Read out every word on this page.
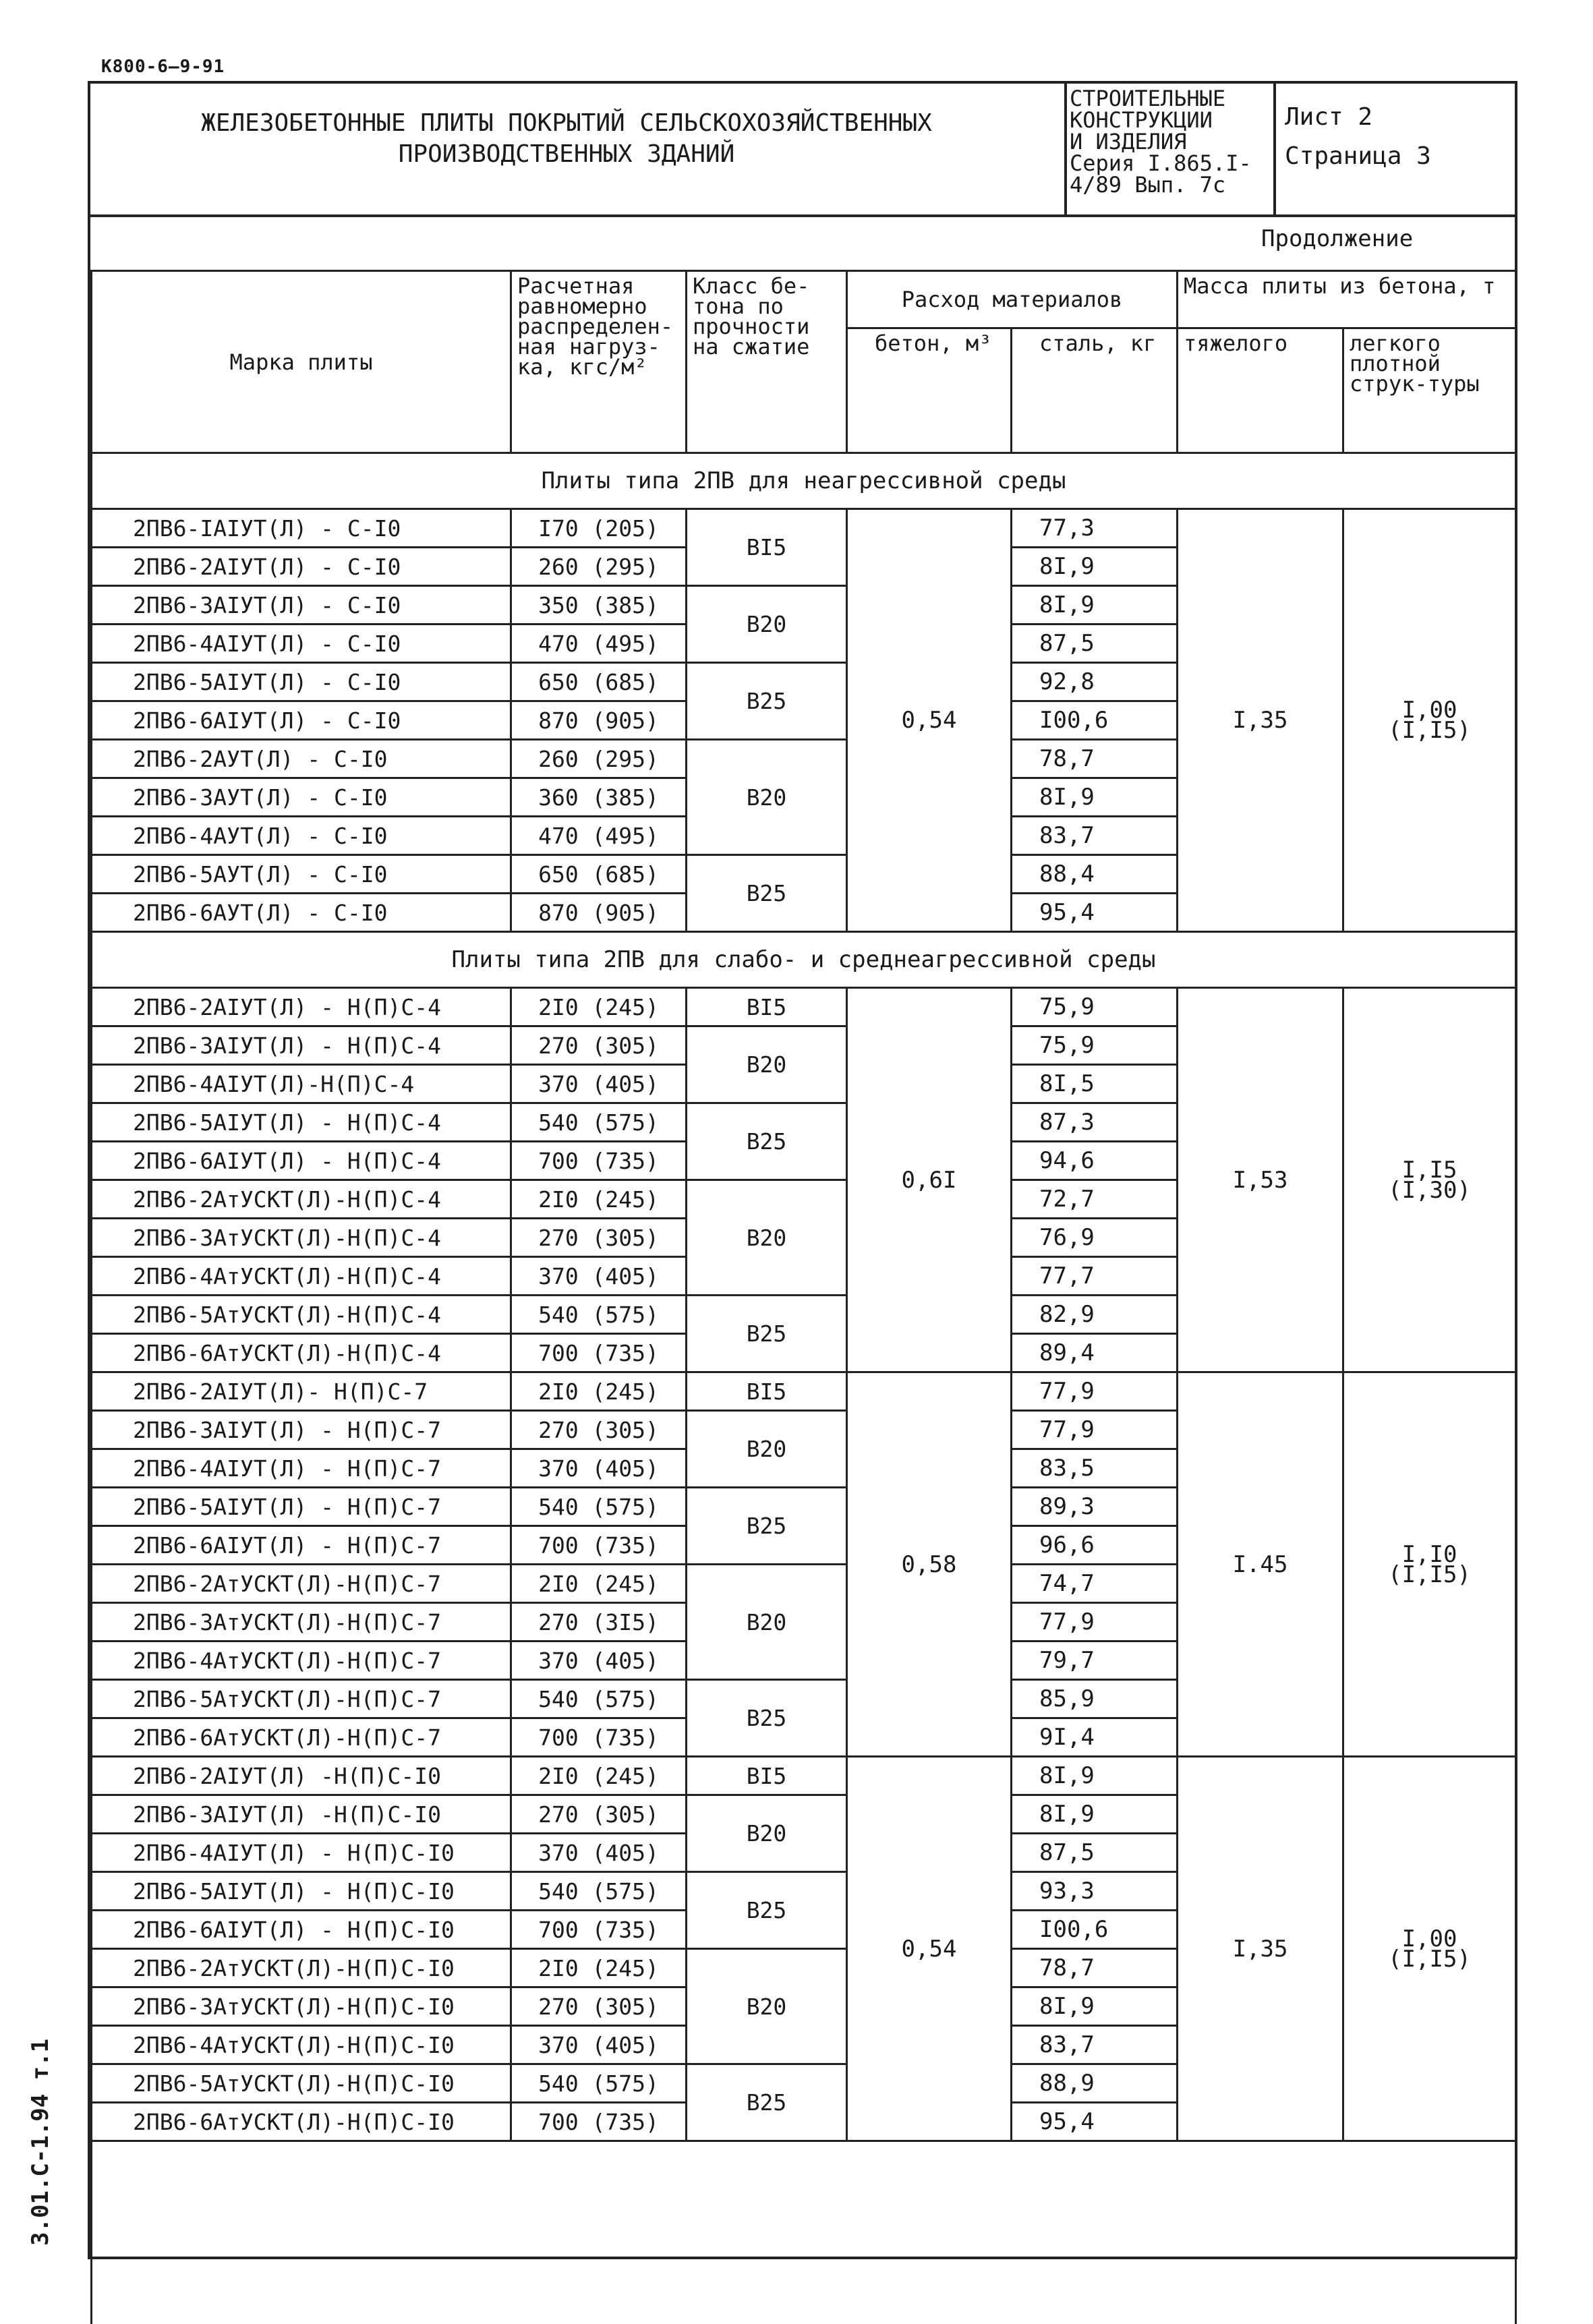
К800-6—9-91
3.01.С-1.94 т.1
ЖЕЛЕЗОБЕТОННЫЕ ПЛИТЫ ПОКРЫТИЙ СЕЛЬСКОХОЗЯЙСТВЕННЫХ
ПРОИЗВОДСТВЕННЫХ ЗДАНИЙ
СТРОИТЕЛЬНЫЕ
КОНСТРУКЦИИ
И ИЗДЕЛИЯ
Серия I.865.I-
4/89 Вып. 7с
Лист 2
Страница 3
Продолжение
Марка плиты	Расчетная равномерно распределен-ная нагруз-ка, кгс/м²	Класс бе-тона по прочности на сжатие	Расход материалов		Масса плиты из бетона, т	
			бетон, м³	сталь, кг	тяжелого	легкого плотной струк-туры
Плиты типа 2ПВ для неагрессивной среды						
2ПВ6-IАIУТ(Л) - С-I0	I70 (205)	BI5	0,54	77,3	I,35	I,00
(I,I5)

2ПВ6-2АIУТ(Л) - С-I0	260 (295)			8I,9		
2ПВ6-3АIУТ(Л) - С-I0	350 (385)	B20		8I,9		
2ПВ6-4АIУТ(Л) - С-I0	470 (495)			87,5		
2ПВ6-5АIУТ(Л) - С-I0	650 (685)	B25		92,8		
2ПВ6-6АIУТ(Л) - С-I0	870 (905)			I00,6		
2ПВ6-2АУТ(Л) - С-I0	260 (295)	B20		78,7		
2ПВ6-3АУТ(Л) - С-I0	360 (385)			8I,9		
2ПВ6-4АУТ(Л) - С-I0	470 (495)			83,7		
2ПВ6-5АУТ(Л) - С-I0	650 (685)	B25		88,4		
2ПВ6-6АУТ(Л) - С-I0	870 (905)			95,4		
Плиты типа 2ПВ для слабо- и среднеагрессивной среды						
2ПВ6-2АIУТ(Л) - Н(П)С-4	2I0 (245)	BI5	0,6I	75,9	I,53	I,I5
(I,30)

2ПВ6-3АIУТ(Л) - Н(П)С-4	270 (305)	B20		75,9		
2ПВ6-4АIУТ(Л)-Н(П)С-4	370 (405)			8I,5		
2ПВ6-5АIУТ(Л) - Н(П)С-4	540 (575)	B25		87,3		
2ПВ6-6АIУТ(Л) - Н(П)С-4	700 (735)			94,6		
2ПВ6-2АтУСКТ(Л)-Н(П)С-4	2I0 (245)	B20		72,7		
2ПВ6-3АтУСКТ(Л)-Н(П)С-4	270 (305)			76,9		
2ПВ6-4АтУСКТ(Л)-Н(П)С-4	370 (405)			77,7		
2ПВ6-5АтУСКТ(Л)-Н(П)С-4	540 (575)	B25		82,9		
2ПВ6-6АтУСКТ(Л)-Н(П)С-4	700 (735)			89,4		
2ПВ6-2АIУТ(Л)- Н(П)С-7	2I0 (245)	BI5	0,58	77,9	I.45	I,I0
(I,I5)

2ПВ6-3АIУТ(Л) - Н(П)С-7	270 (305)	B20		77,9		
2ПВ6-4АIУТ(Л) - Н(П)С-7	370 (405)			83,5		
2ПВ6-5АIУТ(Л) - Н(П)С-7	540 (575)	B25		89,3		
2ПВ6-6АIУТ(Л) - Н(П)С-7	700 (735)			96,6		
2ПВ6-2АтУСКТ(Л)-Н(П)С-7	2I0 (245)	B20		74,7		
2ПВ6-3АтУСКТ(Л)-Н(П)С-7	270 (3I5)			77,9		
2ПВ6-4АтУСКТ(Л)-Н(П)С-7	370 (405)			79,7		
2ПВ6-5АтУСКТ(Л)-Н(П)С-7	540 (575)	B25		85,9		
2ПВ6-6АтУСКТ(Л)-Н(П)С-7	700 (735)			9I,4		
2ПВ6-2АIУТ(Л) -Н(П)С-I0	2I0 (245)	BI5	0,54	8I,9	I,35	I,00
(I,I5)

2ПВ6-3АIУТ(Л) -Н(П)С-I0	270 (305)	B20		8I,9		
2ПВ6-4АIУТ(Л) - Н(П)С-I0	370 (405)			87,5		
2ПВ6-5АIУТ(Л) - Н(П)С-I0	540 (575)	B25		93,3		
2ПВ6-6АIУТ(Л) - Н(П)С-I0	700 (735)			I00,6		
2ПВ6-2АтУСКТ(Л)-Н(П)С-I0	2I0 (245)	B20		78,7		
2ПВ6-3АтУСКТ(Л)-Н(П)С-I0	270 (305)			8I,9		
2ПВ6-4АтУСКТ(Л)-Н(П)С-I0	370 (405)			83,7		
2ПВ6-5АтУСКТ(Л)-Н(П)С-I0	540 (575)	B25		88,9		
2ПВ6-6АтУСКТ(Л)-Н(П)С-I0	700 (735)			95,4		
